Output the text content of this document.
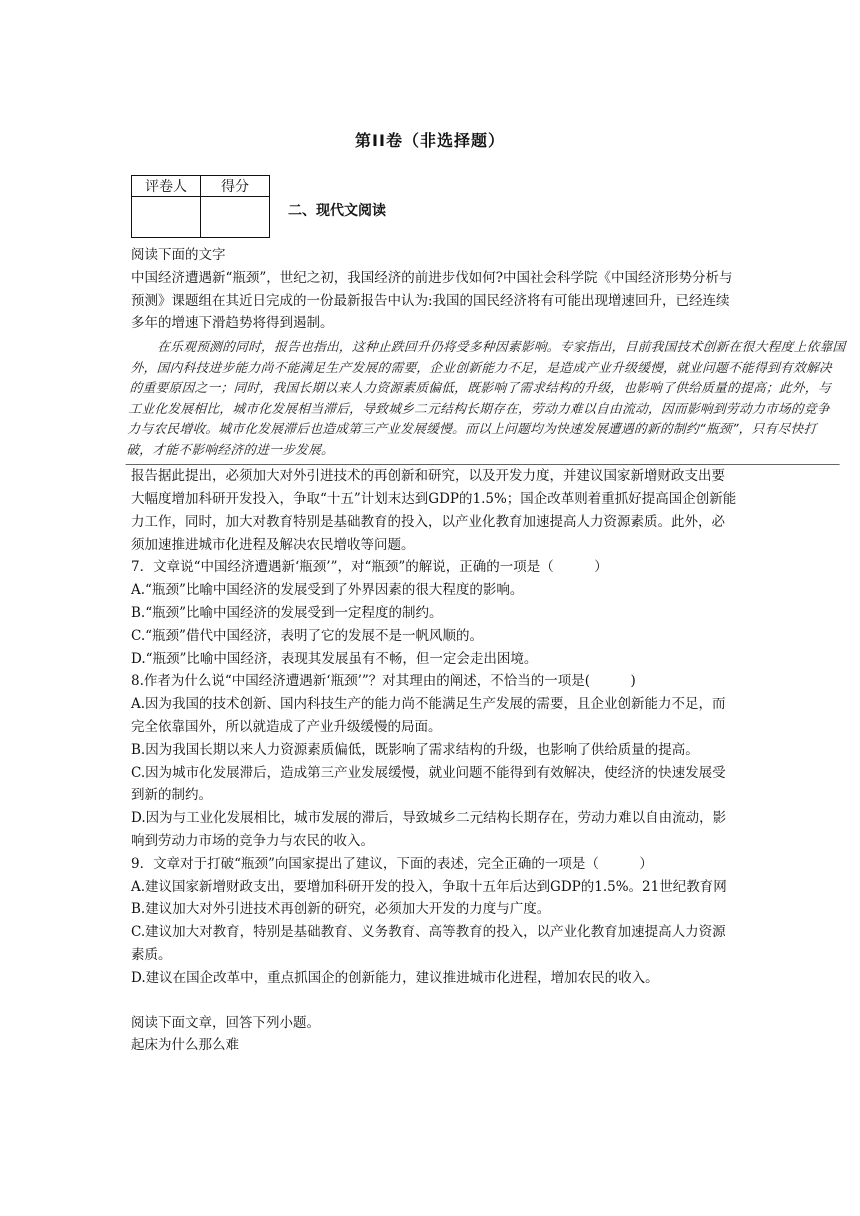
第II卷（非选择题）
评卷人	得分

二、现代文阅读

阅读下面的文字

中国经济遭遇新“瓶颈”，世纪之初，我国经济的前进步伐如何?中国社会科学院《中国经济形势分析与预测》课题组在其近日完成的一份最新报告中认为:我国的国民经济将有可能出现增速回升，已经连续多年的增速下滑趋势将得到遏制。

在乐观预测的同时，报告也指出，这种止跌回升仍将受多种因素影响。专家指出，目前我国技术创新在很大程度上依靠国外，国内科技进步能力尚不能满足生产发展的需要，企业创新能力不足，是造成产业升级缓慢，就业问题不能得到有效解决的重要原因之一；同时，我国长期以来人力资源素质偏低，既影响了需求结构的升级，也影响了供给质量的提高；此外，与工业化发展相比，城市化发展相当滞后，导致城乡二元结构长期存在，劳动力难以自由流动，因而影响到劳动力市场的竞争力与农民增收。城市化发展滞后也造成第三产业发展缓慢。而以上问题均为快速发展遭遇的新的制约“瓶颈”，只有尽快打破，才能不影响经济的进一步发展。

报告据此提出，必须加大对外引进技术的再创新和研究，以及开发力度，并建议国家新增财政支出要大幅度增加科研开发投入，争取“十五”计划末达到GDP的1.5%；国企改革则着重抓好提高国企创新能力工作，同时，加大对教育特别是基础教育的投入，以产业化教育加速提高人力资源素质。此外，必须加速推进城市化进程及解决农民增收等问题。

7．文章说“中国经济遭遇新‘瓶颈’”，对“瓶颈”的解说，正确的一项是（　　　）

A.“瓶颈”比喻中国经济的发展受到了外界因素的很大程度的影响。

B.“瓶颈”比喻中国经济的发展受到一定程度的制约。

C.“瓶颈”借代中国经济，表明了它的发展不是一帆风顺的。

D.“瓶颈”比喻中国经济，表现其发展虽有不畅，但一定会走出困境。

8.作者为什么说“中国经济遭遇新‘瓶颈’”？对其理由的阐述，不恰当的一项是(　　　)

A.因为我国的技术创新、国内科技生产的能力尚不能满足生产发展的需要，且企业创新能力不足，而完全依靠国外，所以就造成了产业升级缓慢的局面。

B.因为我国长期以来人力资源素质偏低，既影响了需求结构的升级，也影响了供给质量的提高。

C.因为城市化发展滞后，造成第三产业发展缓慢，就业问题不能得到有效解决，使经济的快速发展受到新的制约。

D.因为与工业化发展相比，城市发展的滞后，导致城乡二元结构长期存在，劳动力难以自由流动，影响到劳动力市场的竞争力与农民的收入。

9．文章对于打破“瓶颈”向国家提出了建议，下面的表述，完全正确的一项是（　　　）

A.建议国家新增财政支出，要增加科研开发的投入，争取十五年后达到GDP的1.5%。21世纪教育网

B.建议加大对外引进技术再创新的研究，必须加大开发的力度与广度。

C.建议加大对教育，特别是基础教育、义务教育、高等教育的投入，以产业化教育加速提高人力资源素质。

D.建议在国企改革中，重点抓国企的创新能力，建议推进城市化进程，增加农民的收入。

阅读下面文章，回答下列小题。

起床为什么那么难
